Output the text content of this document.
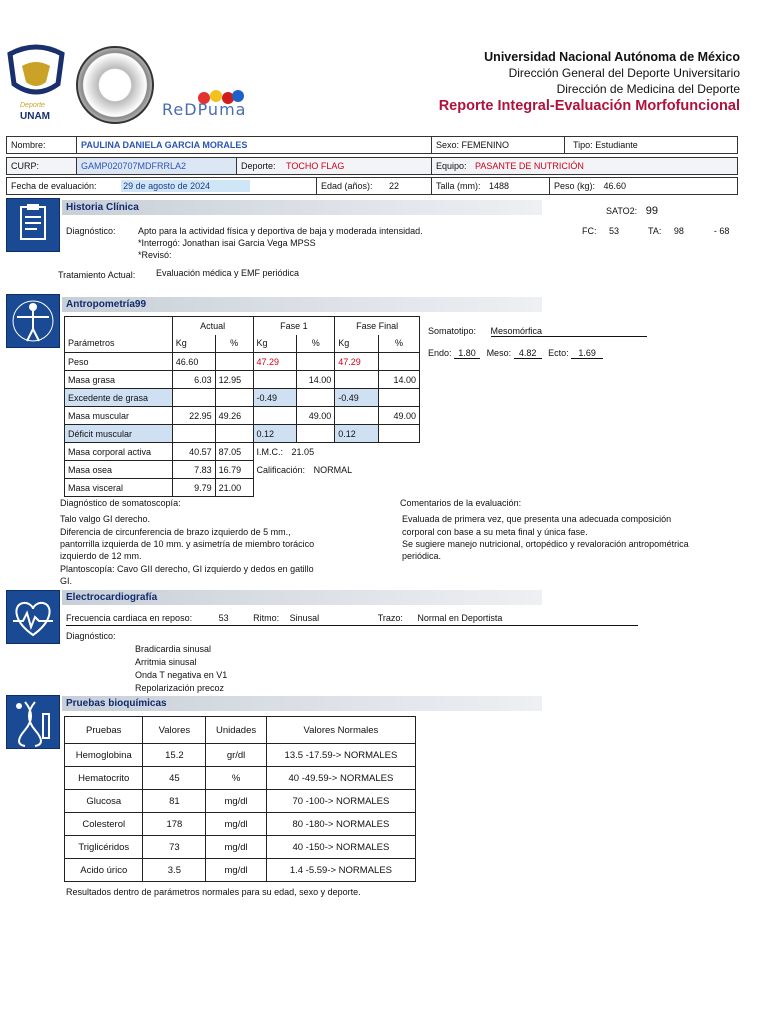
Deporte
UNAM	ReDPuma
Universidad Nacional Autónoma de México
Dirección General del Deporte Universitario
Dirección de Medicina del Deporte
Reporte Integral-Evaluación Morfofuncional
Nombre:	PAULINA DANIELA GARCIA MORALES	Sexo: FEMENINO	Tipo: Estudiante
CURP:	GAMP020707MDFRRLA2	Deporte: TOCHO FLAG	Equipo: PASANTE DE NUTRICIÓN
Fecha de evaluación:	29 de agosto de 2024	Edad (años): 22	Talla (mm): 1488	Peso (kg): 46.60
Historia Clínica	SATO2: 99
Diagnóstico: Apto para la actividad física y deportiva de baja y moderada intensidad.
*Interrogó: Jonathan isai Garcia Vega MPSS
*Revisó:
FC: 53	TA: 98	- 68
Tratamiento Actual: Evaluación médica y EMF periódica
Antropometría99
	Actual		Fase 1		Fase Final	
Parámetros	Kg	%	Kg	%	Kg	%
Peso	46.60		47.29		47.29	
Masa grasa	6.03	12.95		14.00		14.00
Excedente de grasa			-0.49		-0.49	
Masa muscular	22.95	49.26		49.00		49.00
Déficit muscular			0.12		0.12	
Masa corporal activa	40.57	87.05	I.M.C.: 21.05			
Masa osea	7.83	16.79	Calificación: NORMAL			
Masa visceral	9.79	21.00				
Somatotipo: Mesomórfica
Endo: 1.80 Meso: 4.82 Ecto: 1.69
Diagnóstico de somatoscopía:
Talo valgo GI derecho.
Diferencia de circunferencia de brazo izquierdo de 5 mm.,
pantorrilla izquierda de 10 mm. y asimetría de miembro torácico
izquierdo de 12 mm.
Plantoscopía: Cavo GII derecho, GI izquierdo y dedos en gatillo
GI.
Comentarios de la evaluación:
Evaluada de primera vez, que presenta una adecuada composición
corporal con base a su meta final y única fase.
Se sugiere manejo nutricional, ortopédico y revaloración antropométrica
periódica.
Electrocardiografía
Frecuencia cardiaca en reposo:	53	Ritmo: Sinusal	Trazo: Normal en Deportista
Diagnóstico:
Bradicardia sinusal
Arritmia sinusal
Onda T negativa en V1
Repolarización precoz
Pruebas bioquímicas
Pruebas	Valores	Unidades	Valores Normales
Hemoglobina	15.2	gr/dl	13.5 -17.59-> NORMALES
Hematocrito	45	%	40 -49.59-> NORMALES
Glucosa	81	mg/dl	70 -100-> NORMALES
Colesterol	178	mg/dl	80 -180-> NORMALES
Triglicéridos	73	mg/dl	40 -150-> NORMALES
Acido úrico	3.5	mg/dl	1.4 -5.59-> NORMALES
Resultados dentro de parámetros normales para su edad, sexo y deporte.
